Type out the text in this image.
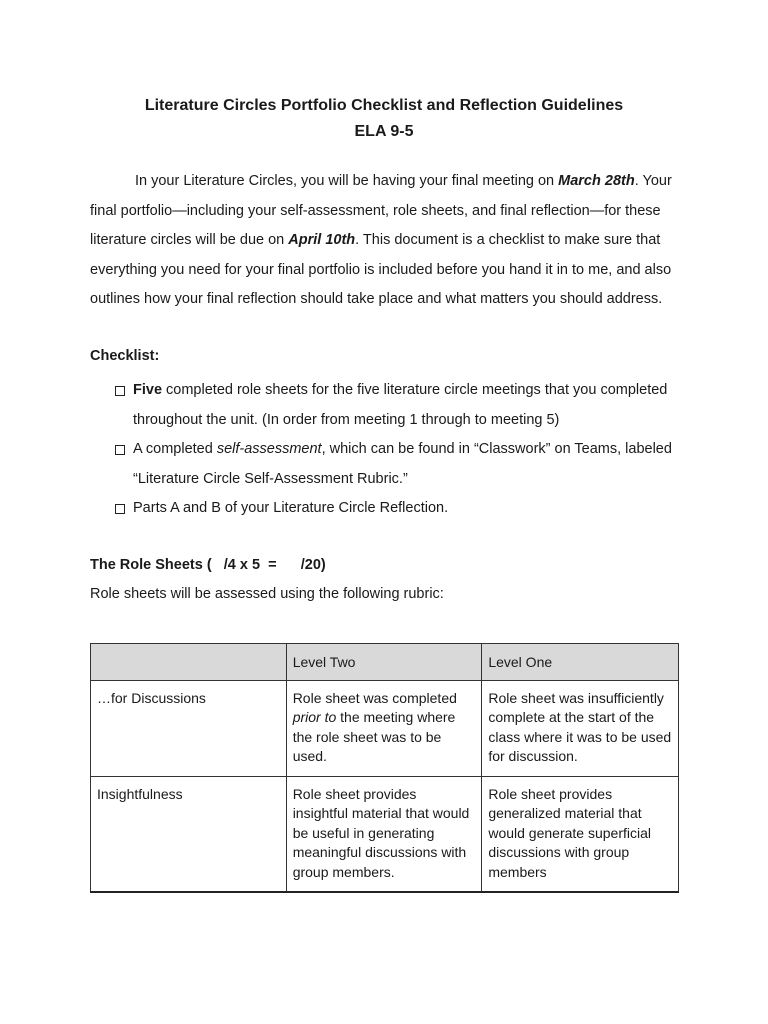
Literature Circles Portfolio Checklist and Reflection Guidelines
ELA 9-5

In your Literature Circles, you will be having your final meeting on March 28th. Your final portfolio—including your self-assessment, role sheets, and final reflection—for these literature circles will be due on April 10th. This document is a checklist to make sure that everything you need for your final portfolio is included before you hand it in to me, and also outlines how your final reflection should take place and what matters you should address.

Checklist:
Five completed role sheets for the five literature circle meetings that you completed throughout the unit. (In order from meeting 1 through to meeting 5)
A completed self-assessment, which can be found in “Classwork” on Teams, labeled “Literature Circle Self-Assessment Rubric.”
Parts A and B of your Literature Circle Reflection.
The Role Sheets (   /4 x 5  =      /20)
Role sheets will be assessed using the following rubric:
	Level Two	Level One
…for Discussions	Role sheet was completed prior to the meeting where the role sheet was to be used.	Role sheet was insufficiently complete at the start of the class where it was to be used for discussion.
Insightfulness	Role sheet provides insightful material that would be useful in generating meaningful discussions with group members.	Role sheet provides generalized material that would generate superficial discussions with group members
